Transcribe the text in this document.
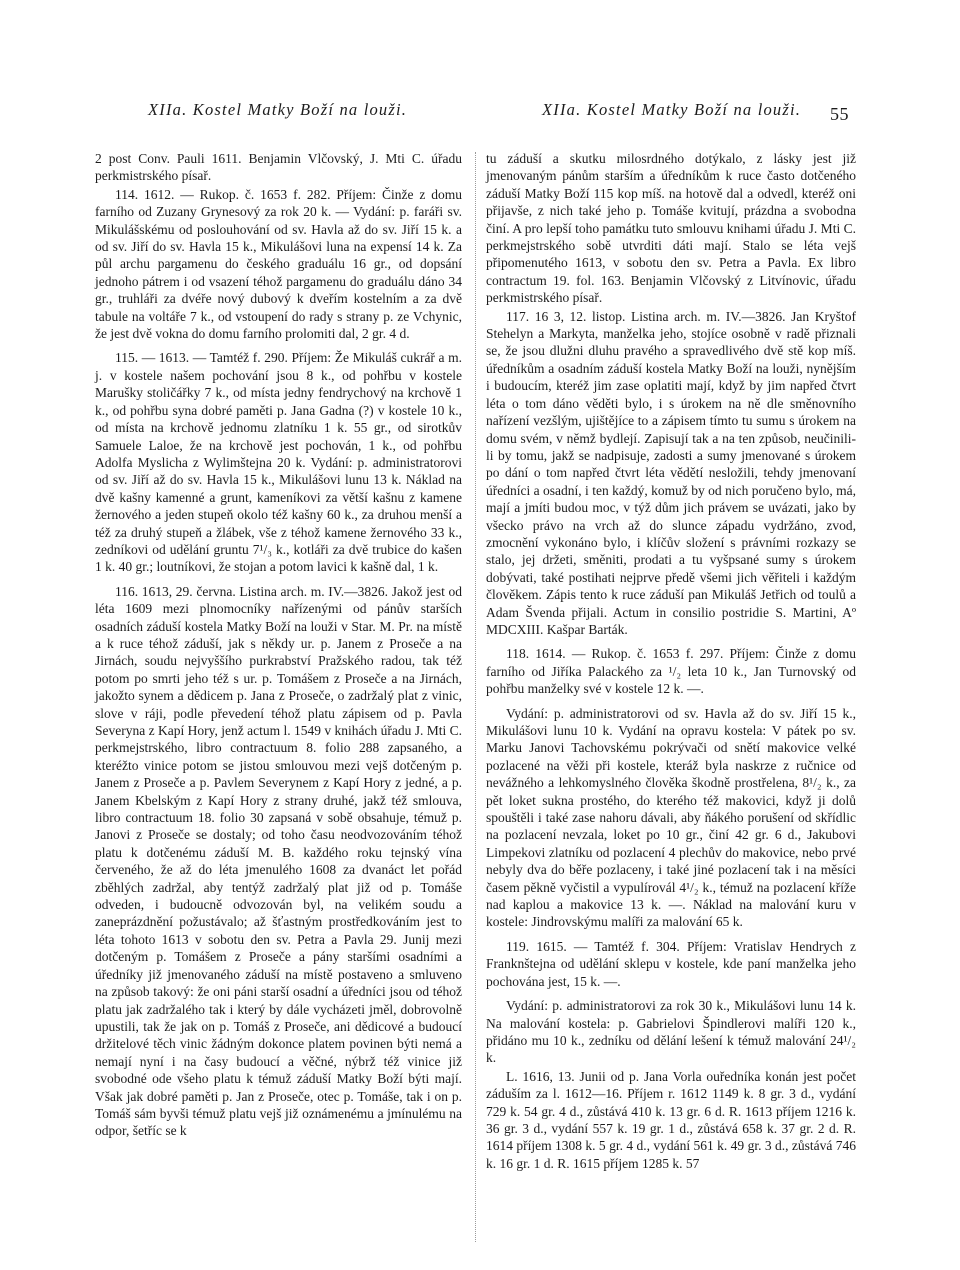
XIIa. Kostel Matky Boží na louži.	XIIa. Kostel Matky Boží na louži. 55

2 post Conv. Pauli 1611. Benjamin Vlčovský, J. Mti C. úřadu perkmistrského písař.

114. 1612. — Rukop. č. 1653 f. 282. Příjem: Činže z domu farního od Zuzany Grynesový za rok 20 k. — Vydání: p. faráři sv. Mikulášskému od poslouhování od sv. Havla až do sv. Jiří 15 k. a od sv. Jiří do sv. Havla 15 k., Mikulášovi luna na expensí 14 k. Za půl archu pargamenu do českého graduálu 16 gr., od dopsání jednoho pátrem i od vsazení téhož pargamenu do graduálu dáno 34 gr., truhláři za dvéře nový dubový k dveřím kostelním a za dvě tabule na voltáře 7 k., od vstoupení do rady s strany p. ze Vchynic, že jest dvě vokna do domu farního prolomiti dal, 2 gr. 4 d.

115. — 1613. — Tamtéž f. 290. Příjem: Že Mikuláš cukrář a m. j. v kostele našem pochování jsou 8 k., od pohřbu v kostele Marušky stoličářky 7 k., od místa jedny fendrychový na krchově 1 k., od pohřbu syna dobré paměti p. Jana Gadna (?) v kostele 10 k., od místa na krchově jednomu zlatníku 1 k. 55 gr., od sirotkův Samuele Laloe, že na krchově jest pochován, 1 k., od pohřbu Adolfa Myslicha z Wylimštejna 20 k. Vydání: p. administratorovi od sv. Jiří až do sv. Havla 15 k., Mikulášovi lunu 13 k. Náklad na dvě kašny kamenné a grunt, kameníkovi za větší kašnu z kamene žernového a jeden stupeň okolo též kašny 60 k., za druhou menší a též za druhý stupeň a žlábek, vše z téhož kamene žernového 33 k., zedníkovi od udělání gruntu 7¹/₃ k., kotláři za dvě trubice do kašen 1 k. 40 gr.; loutníkovi, že stojan a potom lavici k kašně dal, 1 k.

116. 1613, 29. června. Listina arch. m. IV.—3826. Jakož jest od léta 1609 mezi plnomocníky nařízenými od pánův starších osadních záduší kostela Matky Boží na louži v Star. M. Pr. na místě a k ruce téhož záduší, jak s někdy ur. p. Janem z Proseče a na Jirnách, soudu nejvyššího purkrabství Pražského radou, tak též potom po smrti jeho též s ur. p. Tomášem z Proseče a na Jirnách, jakožto synem a dědicem p. Jana z Proseče, o zadržalý plat z vinic, slove v ráji, podle převedení téhož platu zápisem od p. Pavla Severyna z Kapí Hory, jenž actum l. 1549 v knihách úřadu J. Mti C. perkmejstrského, libro contractuum 8. folio 288 zapsaného, a kteréžto vinice potom se jistou smlouvou mezi vejš dotčeným p. Janem z Proseče a p. Pavlem Severynem z Kapí Hory z jedné, a p. Janem Kbelským z Kapí Hory z strany druhé, jakž též smlouva, libro contractuum 18. folio 30 zapsaná v sobě obsahuje, témuž p. Janovi z Proseče se dostaly; od toho času neodvozováním téhož platu k dotčenému záduší M. B. každého roku tejnský vína červeného, že až do léta jmenulého 1608 za dvanáct let pořád zběhlých zadržal, aby tentýž zadržalý plat již od p. Tomáše odveden, i budoucně odvozován byl, na velikém soudu a zaneprázdnění požustávalo; až šťastným prostředkováním jest to léta tohoto 1613 v sobotu den sv. Petra a Pavla 29. Junij mezi dotčeným p. Tomášem z Proseče a pány staršími osadními a úředníky již jmenovaného záduší na místě postaveno a smluveno na způsob takový: že oni páni starší osadní a úředníci jsou od téhož platu jak zadržalého tak i který by dále vycházeti jměl, dobrovolně upustili, tak že jak on p. Tomáš z Proseče, ani dědicové a budoucí držitelové těch vinic žádným dokonce platem povinen býti nemá a nemají nyní i na časy budoucí a věčné, nýbrž též vinice již svobodné ode všeho platu k témuž záduší Matky Boží býti mají. Však jak dobré paměti p. Jan z Proseče, otec p. Tomáše, tak i on p. Tomáš sám byvši témuž platu vejš již oznámenému a jmínulému na odpor, šetříc se k

tu záduší a skutku milosrdného dotýkalo, z lásky jest již jmenovaným pánům starším a úředníkům k ruce často dotčeného záduší Matky Boží 115 kop míš. na hotově dal a odvedl, kteréž oni přijavše, z nich také jeho p. Tomáše kvitují, prázdna a svobodna činí. A pro lepší toho památku tuto smlouvu knihami úřadu J. Mti C. perkmejstrského sobě utvrditi dáti mají. Stalo se léta vejš připomenutého 1613, v sobotu den sv. Petra a Pavla. Ex libro contractum 19. fol. 163. Benjamin Vlčovský z Litvínovic, úřadu perkmistrského písař.

117. 16 3, 12. listop. Listina arch. m. IV.—3826. Jan Kryštof Stehelyn a Markyta, manželka jeho, stojíce osobně v radě přiznali se, že jsou dlužni dluhu pravého a spravedlivého dvě stě kop míš. úředníkům a osadním záduší kostela Matky Boží na louži, nynějším i budoucím, kteréž jim zase oplatiti mají, když by jim napřed čtvrt léta o tom dáno věděti bylo, i s úrokem na ně dle směnovního nařízení vezšlým, ujištějíce to a zápisem tímto tu sumu s úrokem na domu svém, v němž bydlejí. Zapisují tak a na ten způsob, neučinili-li by tomu, jakž se nadpisuje, zadosti a sumy jmenované s úrokem po dání o tom napřed čtvrt léta vědětí nesložili, tehdy jmenovaní úředníci a osadní, i ten každý, komuž by od nich poručeno bylo, má, mají a jmíti budou moc, v týž dům jich právem se uvázati, jako by všecko právo na vrch až do slunce západu vydržáno, zvod, zmocnění vykonáno bylo, i klíčův složení s právními rozkazy se stalo, jej držeti, směniti, prodati a tu vyšpsané sumy s úrokem dobývati, také postihati nejprve předě všemi jich věřiteli i každým člověkem. Zápis tento k ruce záduší pan Mikuláš Jetřich od toulů a Adam Švenda přijali. Actum in consilio postridie S. Martini, Aº MDCXIII. Kašpar Barták.

118. 1614. — Rukop. č. 1653 f. 297. Příjem: Činže z domu farního od Jiříka Palackého za ¹/₂ leta 10 k., Jan Turnovský od pohřbu manželky své v kostele 12 k. —.

Vydání: p. administratorovi od sv. Havla až do sv. Jiří 15 k., Mikulášovi lunu 10 k. Vydání na opravu kostela: V pátek po sv. Marku Janovi Tachovskému pokrývači od snětí makovice velké pozlacené na věži při kostele, kteráž byla naskrze z ručnice od nevážného a lehkomyslného člověka škodně prostřelena, 8¹/₂ k., za pět loket sukna prostého, do kterého též makovici, když ji dolů spouštěli i také zase nahoru dávali, aby ňákého porušení od skřídlic na pozlacení nevzala, loket po 10 gr., činí 42 gr. 6 d., Jakubovi Limpekovi zlatníku od pozlacení 4 plechův do makovice, nebo prvé nebyly dva do běře pozlaceny, i také jiné pozlacení tak i na měsíci časem pěkně vyčistil a vypulírovál 4¹/₂ k., témuž na pozlacení kříže nad kaplou a makovice 13 k. —. Náklad na malování kuru v kostele: Jindrovskýmu malíři za malování 65 k.

119. 1615. — Tamtéž f. 304. Příjem: Vratislav Hendrych z Franknštejna od udělání sklepu v kostele, kde paní manželka jeho pochována jest, 15 k. —.

Vydání: p. administratorovi za rok 30 k., Mikulášovi lunu 14 k. Na malování kostela: p. Gabrielovi Špindlerovi malíři 120 k., přidáno mu 10 k., zedníku od dělání lešení k témuž malování 24¹/₂ k.

L. 1616, 13. Junii od p. Jana Vorla ouředníka konán jest počet záduším za l. 1612—16. Příjem r. 1612 1149 k. 8 gr. 3 d., vydání 729 k. 54 gr. 4 d., zůstává 410 k. 13 gr. 6 d. R. 1613 příjem 1216 k. 36 gr. 3 d., vydání 557 k. 19 gr. 1 d., zůstává 658 k. 37 gr. 2 d. R. 1614 příjem 1308 k. 5 gr. 4 d., vydání 561 k. 49 gr. 3 d., zůstává 746 k. 16 gr. 1 d. R. 1615 příjem 1285 k. 57
